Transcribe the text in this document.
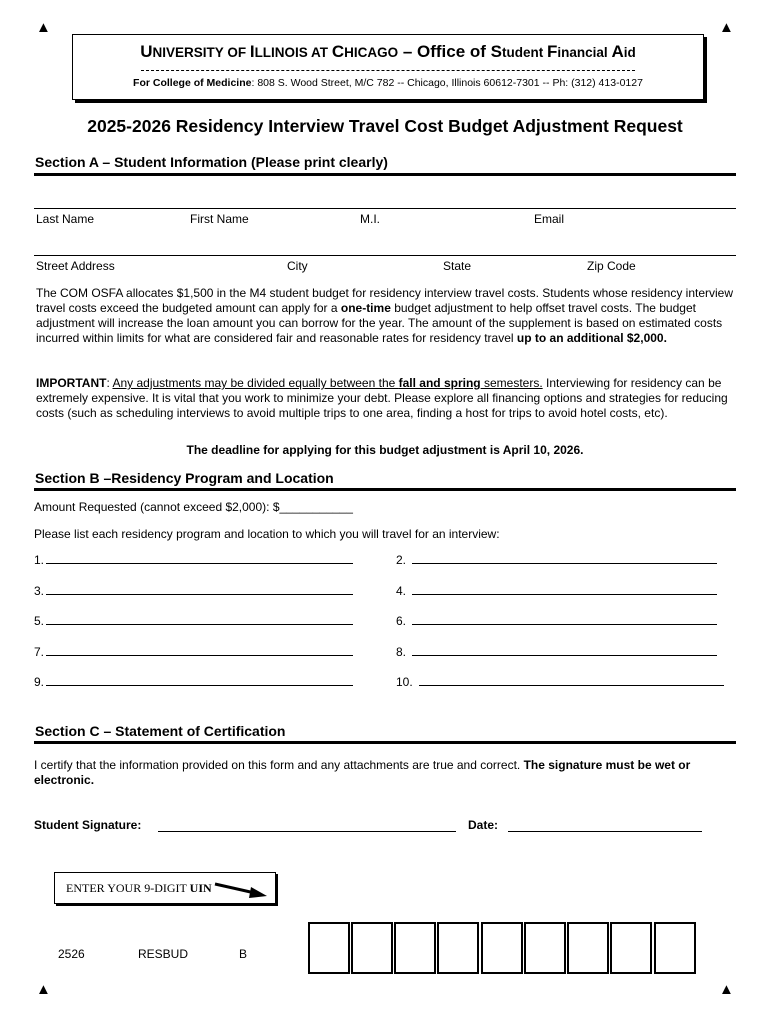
▲	▲
▲	▲
UNIVERSITY OF ILLINOIS AT CHICAGO – Office of Student Financial Aid
For College of Medicine: 808 S. Wood Street, M/C 782 -- Chicago, Illinois 60612-7301 -- Ph: (312) 413-0127
2025-2026 Residency Interview Travel Cost Budget Adjustment Request
Section A – Student Information (Please print clearly)
Last Name	First Name	M.I.	Email
Street Address	City	State	Zip Code
The COM OSFA allocates $1,500 in the M4 student budget for residency interview travel costs. Students whose residency interview travel costs exceed the budgeted amount can apply for a one-time budget adjustment to help offset travel costs. The budget adjustment will increase the loan amount you can borrow for the year. The amount of the supplement is based on estimated costs incurred within limits for what are considered fair and reasonable rates for residency travel up to an additional $2,000.
IMPORTANT: Any adjustments may be divided equally between the fall and spring semesters. Interviewing for residency can be extremely expensive. It is vital that you work to minimize your debt. Please explore all financing options and strategies for reducing costs (such as scheduling interviews to avoid multiple trips to one area, finding a host for trips to avoid hotel costs, etc).
The deadline for applying for this budget adjustment is April 10, 2026.
Section B –Residency Program and Location
Amount Requested (cannot exceed $2,000): $___________
Please list each residency program and location to which you will travel for an interview:
1.	2.
3.	4.
5.	6.
7.	8.
9.	10.
Section C – Statement of Certification
I certify that the information provided on this form and any attachments are true and correct. The signature must be wet or electronic.
Student Signature:	Date:
ENTER YOUR 9-DIGIT UIN
2526	RESBUD	B
